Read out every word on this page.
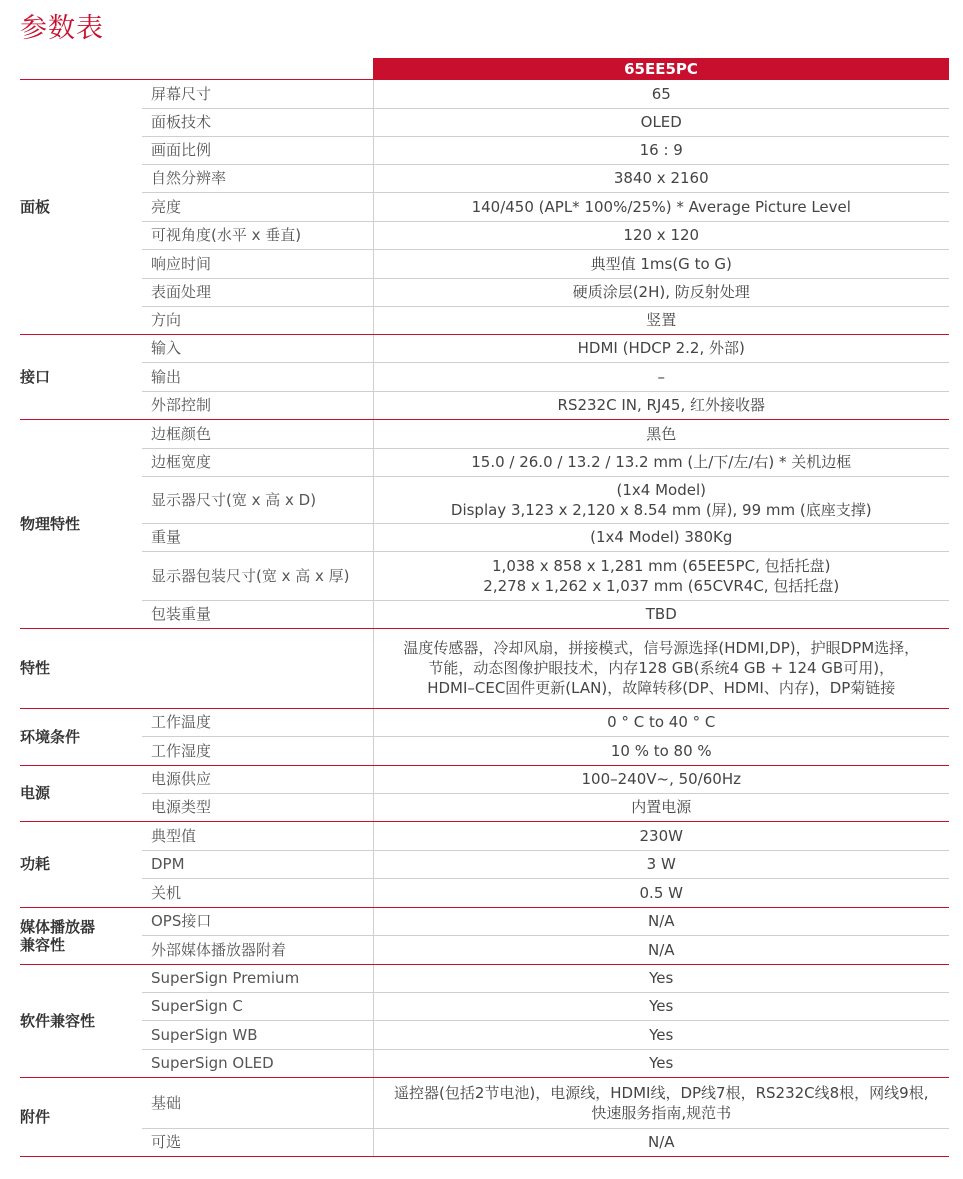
参数表
65EE5PC
面板	屏幕尺寸	65

	面板技术	OLED

	画面比例	16 : 9

	自然分辨率	3840 x 2160

	亮度	140/450 (APL* 100%/25%) * Average Picture Level

	可视角度(水平 x 垂直)	120 x 120

	响应时间	典型值 1ms(G to G)

	表面处理	硬质涂层(2H), 防反射处理

	方向	竖置

接口	输入	HDMI (HDCP 2.2, 外部)

	输出	–

	外部控制	RS232C IN, RJ45, 红外接收器

物理特性	边框颜色	黑色

	边框宽度	15.0 / 26.0 / 13.2 / 13.2 mm (上/下/左/右) * 关机边框

	显示器尺寸(宽 x 高 x D)	(1x4 Model)
Display 3,123 x 2,120 x 8.54 mm (屏), 99 mm (底座支撑)

	重量	(1x4 Model) 380Kg

	显示器包装尺寸(宽 x 高 x 厚)	1,038 x 858 x 1,281 mm (65EE5PC, 包括托盘)
2,278 x 1,262 x 1,037 mm (65CVR4C, 包括托盘)

	包装重量	TBD

特性		温度传感器，冷却风扇，拼接模式，信号源选择(HDMI,DP)，护眼DPM选择，
节能，动态图像护眼技术，内存128 GB(系统4 GB + 124 GB可用)，
HDMI–CEC固件更新(LAN)，故障转移(DP、HDMI、内存)，DP菊链接

环境条件	工作温度	0 ° C to 40 ° C

	工作湿度	10 % to 80 %

电源	电源供应	100–240V~, 50/60Hz

	电源类型	内置电源

功耗	典型值	230W

	DPM	3 W

	关机	0.5 W

媒体播放器
兼容性	OPS接口	N/A

	外部媒体播放器附着	N/A

软件兼容性	SuperSign Premium	Yes

	SuperSign C	Yes

	SuperSign WB	Yes

	SuperSign OLED	Yes

附件	基础	遥控器(包括2节电池)，电源线，HDMI线，DP线7根，RS232C线8根，网线9根,
快速服务指南,规范书

	可选	N/A
